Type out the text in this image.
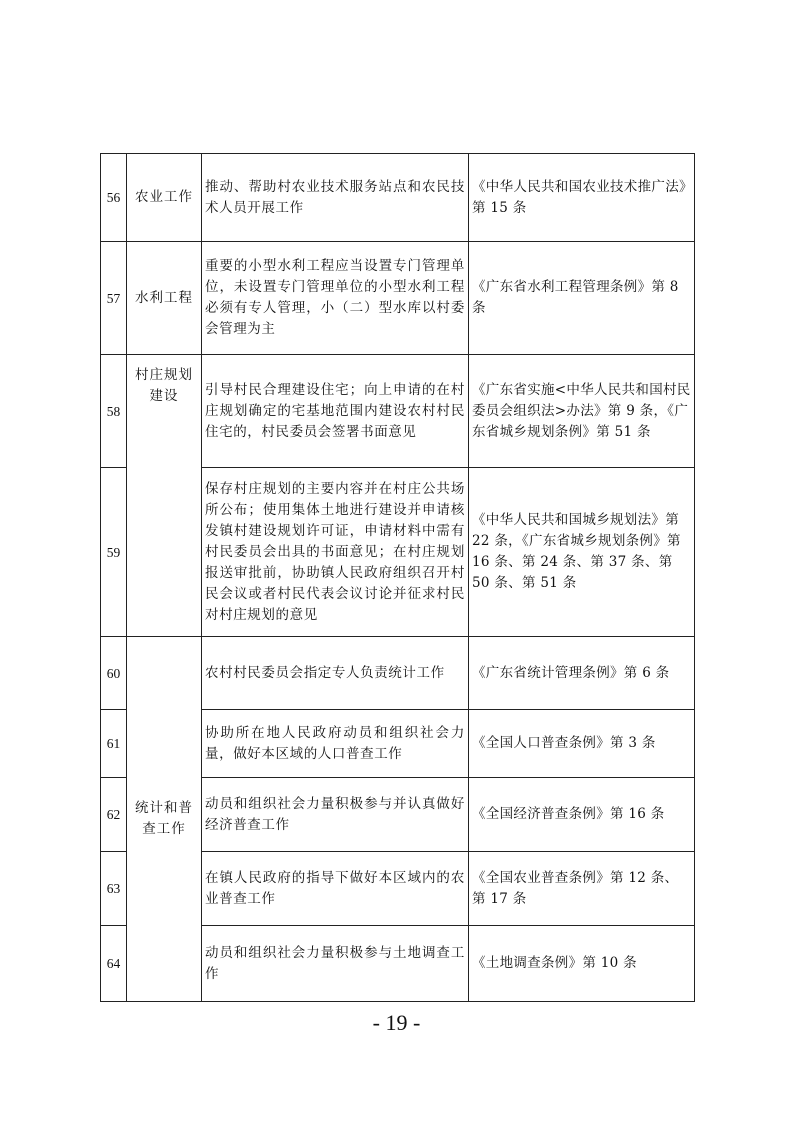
56	农业工作	推动、帮助村农业技术服务站点和农民技术人员开展工作	《中华人民共和国农业技术推广法》第 15 条
57	水利工程	重要的小型水利工程应当设置专门管理单位，未设置专门管理单位的小型水利工程必须有专人管理，小（二）型水库以村委会管理为主	《广东省水利工程管理条例》第 8 条
58	村庄规划建设	引导村民合理建设住宅；向上申请的在村庄规划确定的宅基地范围内建设农村村民住宅的，村民委员会签署书面意见	《广东省实施<中华人民共和国村民委员会组织法>办法》第 9 条，《广东省城乡规划条例》第 51 条
59		保存村庄规划的主要内容并在村庄公共场所公布；使用集体土地进行建设并申请核发镇村建设规划许可证，申请材料中需有村民委员会出具的书面意见；在村庄规划报送审批前，协助镇人民政府组织召开村民会议或者村民代表会议讨论并征求村民对村庄规划的意见	《中华人民共和国城乡规划法》第 22 条，《广东省城乡规划条例》第 16 条、第 24 条、第 37 条、第 50 条、第 51 条
60	统计和普查工作	农村村民委员会指定专人负责统计工作	《广东省统计管理条例》第 6 条
61		协助所在地人民政府动员和组织社会力量，做好本区域的人口普查工作	《全国人口普查条例》第 3 条
62		动员和组织社会力量积极参与并认真做好经济普查工作	《全国经济普查条例》第 16 条
63		在镇人民政府的指导下做好本区域内的农业普查工作	《全国农业普查条例》第 12 条、第 17 条
64		动员和组织社会力量积极参与土地调查工作	《土地调查条例》第 10 条
- 19 -
